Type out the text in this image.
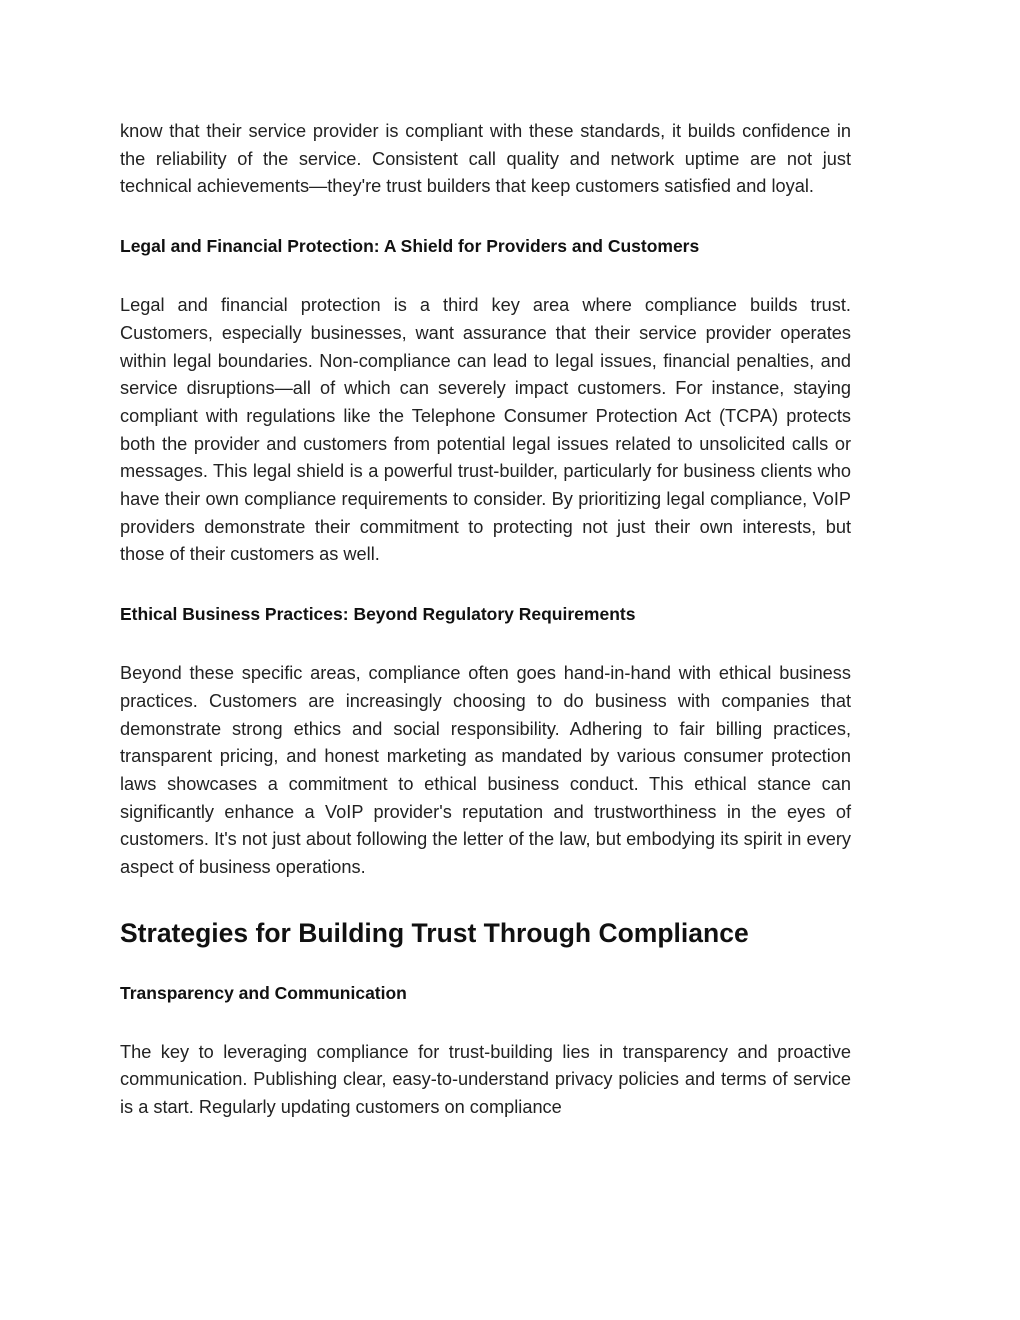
know that their service provider is compliant with these standards, it builds confidence in the reliability of the service. Consistent call quality and network uptime are not just technical achievements—they're trust builders that keep customers satisfied and loyal.

Legal and Financial Protection: A Shield for Providers and Customers

Legal and financial protection is a third key area where compliance builds trust. Customers, especially businesses, want assurance that their service provider operates within legal boundaries. Non-compliance can lead to legal issues, financial penalties, and service disruptions—all of which can severely impact customers. For instance, staying compliant with regulations like the Telephone Consumer Protection Act (TCPA) protects both the provider and customers from potential legal issues related to unsolicited calls or messages. This legal shield is a powerful trust-builder, particularly for business clients who have their own compliance requirements to consider. By prioritizing legal compliance, VoIP providers demonstrate their commitment to protecting not just their own interests, but those of their customers as well.

Ethical Business Practices: Beyond Regulatory Requirements

Beyond these specific areas, compliance often goes hand-in-hand with ethical business practices. Customers are increasingly choosing to do business with companies that demonstrate strong ethics and social responsibility. Adhering to fair billing practices, transparent pricing, and honest marketing as mandated by various consumer protection laws showcases a commitment to ethical business conduct. This ethical stance can significantly enhance a VoIP provider's reputation and trustworthiness in the eyes of customers. It's not just about following the letter of the law, but embodying its spirit in every aspect of business operations.

Strategies for Building Trust Through Compliance
Transparency and Communication

The key to leveraging compliance for trust-building lies in transparency and proactive communication. Publishing clear, easy-to-understand privacy policies and terms of service is a start. Regularly updating customers on compliance
